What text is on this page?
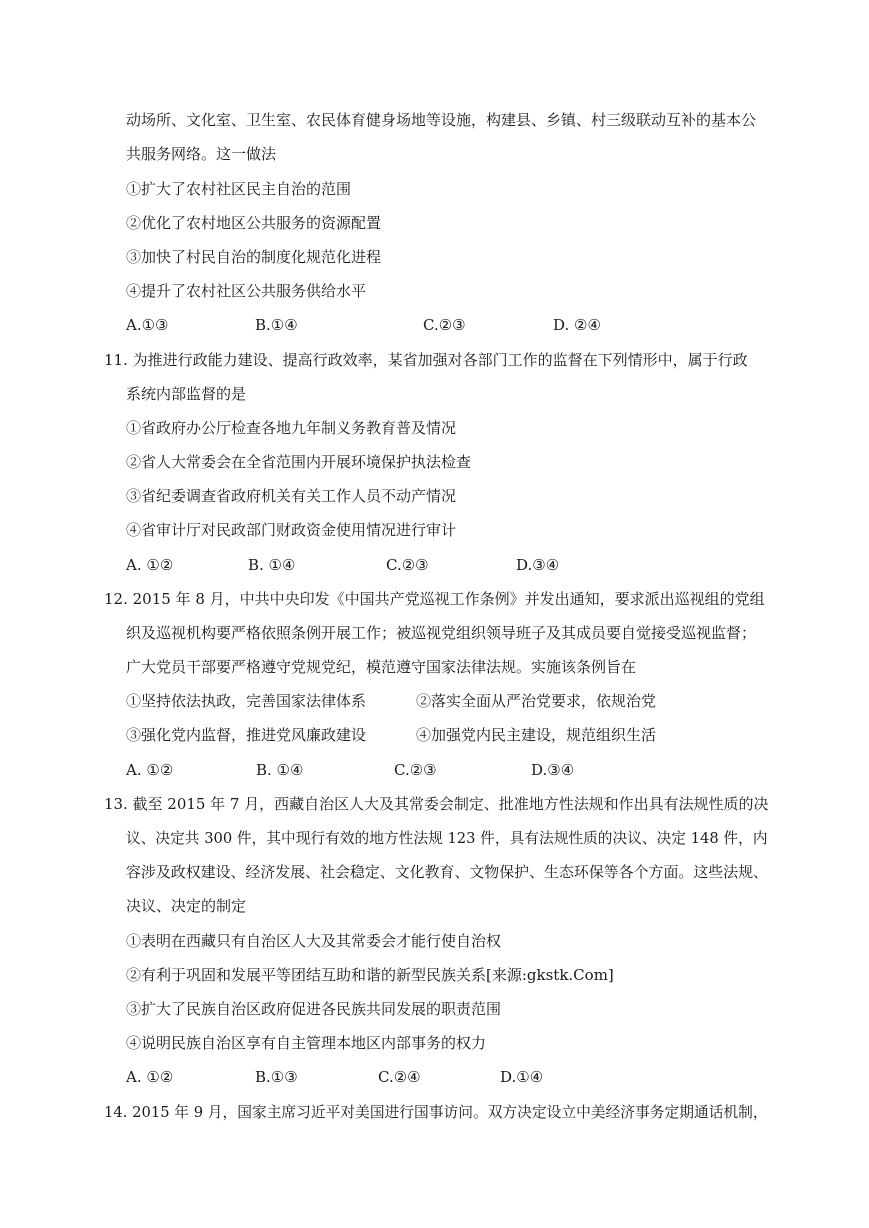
动场所、文化室、卫生室、农民体育健身场地等设施，构建县、乡镇、村三级联动互补的基本公
共服务网络。这一做法
①扩大了农村社区民主自治的范围
②优化了农村地区公共服务的资源配置
③加快了村民自治的制度化规范化进程
④提升了农村社区公共服务供给水平
A.①③	B.①④	C.②③	D. ②④
11. 为推进行政能力建设、提高行政效率，某省加强对各部门工作的监督在下列情形中，属于行政
系统内部监督的是
①省政府办公厅检查各地九年制义务教育普及情况
②省人大常委会在全省范围内开展环境保护执法检查
③省纪委调查省政府机关有关工作人员不动产情况
④省审计厅对民政部门财政资金使用情况进行审计
A. ①②	B. ①④	C.②③	D.③④
12. 2015 年 8 月，中共中央印发《中国共产党巡视工作条例》并发出通知，要求派出巡视组的党组
织及巡视机构要严格依照条例开展工作；被巡视党组织领导班子及其成员要自觉接受巡视监督；
广大党员干部要严格遵守党规党纪，模范遵守国家法律法规。实施该条例旨在
①坚持依法执政，完善国家法律体系	②落实全面从严治党要求，依规治党
③强化党内监督，推进党风廉政建设	④加强党内民主建设，规范组织生活
A. ①②	B. ①④	C.②③	D.③④
13. 截至 2015 年 7 月，西藏自治区人大及其常委会制定、批准地方性法规和作出具有法规性质的决
议、决定共 300 件，其中现行有效的地方性法规 123 件，具有法规性质的决议、决定 148 件，内
容涉及政权建设、经济发展、社会稳定、文化教育、文物保护、生态环保等各个方面。这些法规、
决议、决定的制定
①表明在西藏只有自治区人大及其常委会才能行使自治权
②有利于巩固和发展平等团结互助和谐的新型民族关系[来源:gkstk.Com]
③扩大了民族自治区政府促进各民族共同发展的职责范围
④说明民族自治区享有自主管理本地区内部事务的权力
A. ①②	B.①③	C.②④	D.①④
14. 2015 年 9 月，国家主席习近平对美国进行国事访问。双方决定设立中美经济事务定期通话机制，
